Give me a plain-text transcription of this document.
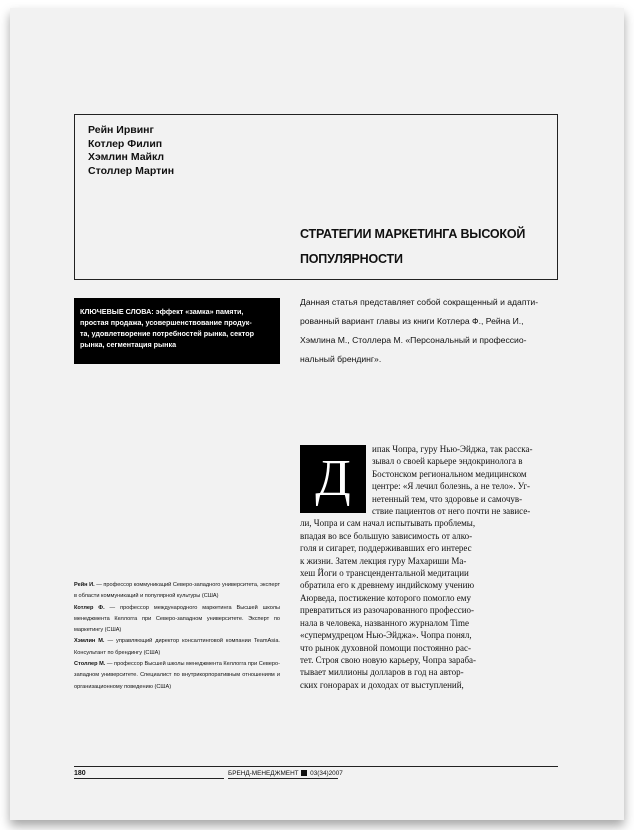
Рейн Ирвинг
Котлер Филип
Хэмлин Майкл
Столлер Мартин
СТРАТЕГИИ МАРКЕТИНГА ВЫСОКОЙ
ПОПУЛЯРНОСТИ
КЛЮЧЕВЫЕ СЛОВА: эффект «замка» памяти,
простая продажа, усовершенствование продук-
та, удовлетворение потребностей рынка, сектор
рынка, сегментация рынка
Данная статья представляет собой сокращенный и адапти-
рованный вариант главы из книги Котлера Ф., Рейна И.,
Хэмлина М., Столлера М. «Персональный и профессио-
нальный брендинг».
Д
ипак Чопра, гуру Нью-Эйджа, так расска-
зывал о своей карьере эндокринолога в
Бостонском региональном медицинском
центре: «Я лечил болезнь, а не тело». Уг-
нетенный тем, что здоровье и самочув-
ствие пациентов от него почти не зависе-
ли, Чопра и сам начал испытывать проблемы,
впадая во все большую зависимость от алко-
голя и сигарет, поддерживавших его интерес
к жизни. Затем лекция гуру Махариши Ма-
хеш Йоги о трансцендентальной медитации
обратила его к древнему индийскому учению
Аюрведа, постижение которого помогло ему
превратиться из разочарованного профессио-
нала в человека, названного журналом Time
«супермудрецом Нью-Эйджа». Чопра понял,
что рынок духовной помощи постоянно рас-
тет. Строя свою новую карьеру, Чопра зараба-
тывает миллионы долларов в год на автор-
ских гонорарах и доходах от выступлений,

Рейн И. — профессор коммуникаций Северо-западного университета, эксперт в области коммуникаций и популярной культуры (США)

Котлер Ф. — профессор международного маркетинга Высшей школы менеджмента Келлогга при Северо-западном университете. Эксперт по маркетингу (США)

Хэмлин М. — управляющий директор консалтинговой компании TeamAsia. Консультант по брендингу (США)

Столлер М. — профессор Высшей школы менеджмента Келлогга при Северо-западном университете. Специалист по внутрикорпоративным отношениям и организационному поведению (США)

180	БРЕНД-МЕНЕДЖМЕНТ 03(34)2007
